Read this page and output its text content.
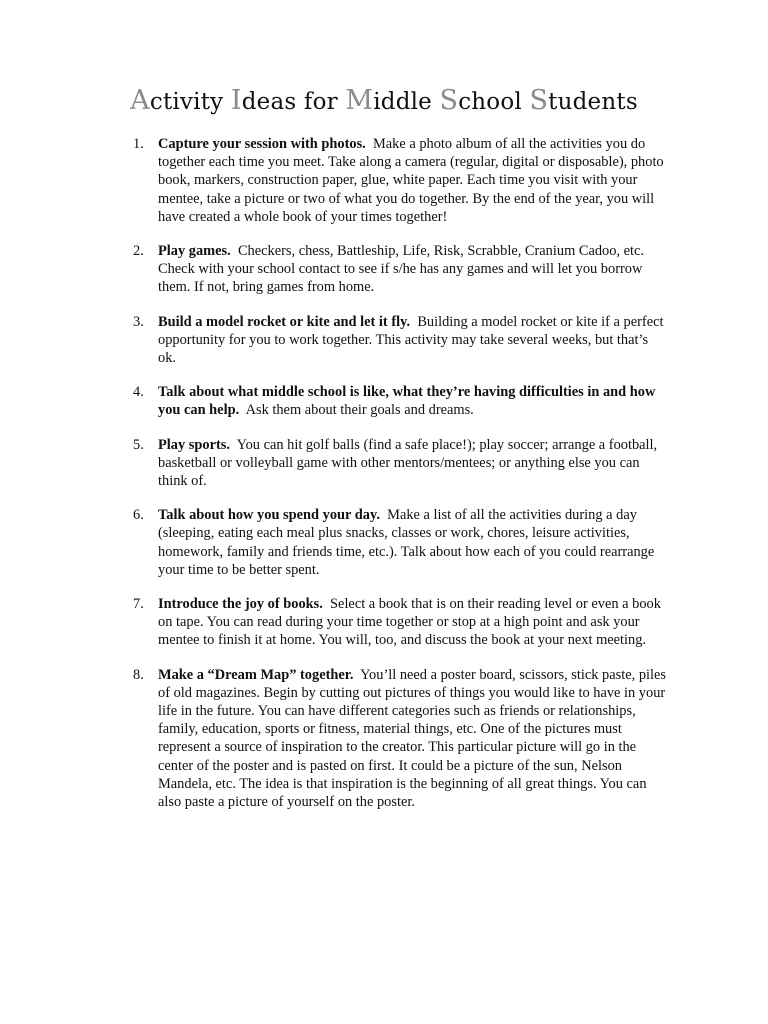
Activity Ideas for Middle School Students
1. Capture your session with photos. Make a photo album of all the activities you do together each time you meet. Take along a camera (regular, digital or disposable), photo book, markers, construction paper, glue, white paper. Each time you visit with your mentee, take a picture or two of what you do together. By the end of the year, you will have created a whole book of your times together!
2. Play games. Checkers, chess, Battleship, Life, Risk, Scrabble, Cranium Cadoo, etc. Check with your school contact to see if s/he has any games and will let you borrow them. If not, bring games from home.
3. Build a model rocket or kite and let it fly. Building a model rocket or kite if a perfect opportunity for you to work together. This activity may take several weeks, but that’s ok.
4. Talk about what middle school is like, what they’re having difficulties in and how you can help. Ask them about their goals and dreams.
5. Play sports. You can hit golf balls (find a safe place!); play soccer; arrange a football, basketball or volleyball game with other mentors/mentees; or anything else you can think of.
6. Talk about how you spend your day. Make a list of all the activities during a day (sleeping, eating each meal plus snacks, classes or work, chores, leisure activities, homework, family and friends time, etc.). Talk about how each of you could rearrange your time to be better spent.
7. Introduce the joy of books. Select a book that is on their reading level or even a book on tape. You can read during your time together or stop at a high point and ask your mentee to finish it at home. You will, too, and discuss the book at your next meeting.
8. Make a “Dream Map” together. You’ll need a poster board, scissors, stick paste, piles of old magazines. Begin by cutting out pictures of things you would like to have in your life in the future. You can have different categories such as friends or relationships, family, education, sports or fitness, material things, etc. One of the pictures must represent a source of inspiration to the creator. This particular picture will go in the center of the poster and is pasted on first. It could be a picture of the sun, Nelson Mandela, etc. The idea is that inspiration is the beginning of all great things. You can also paste a picture of yourself on the poster.
